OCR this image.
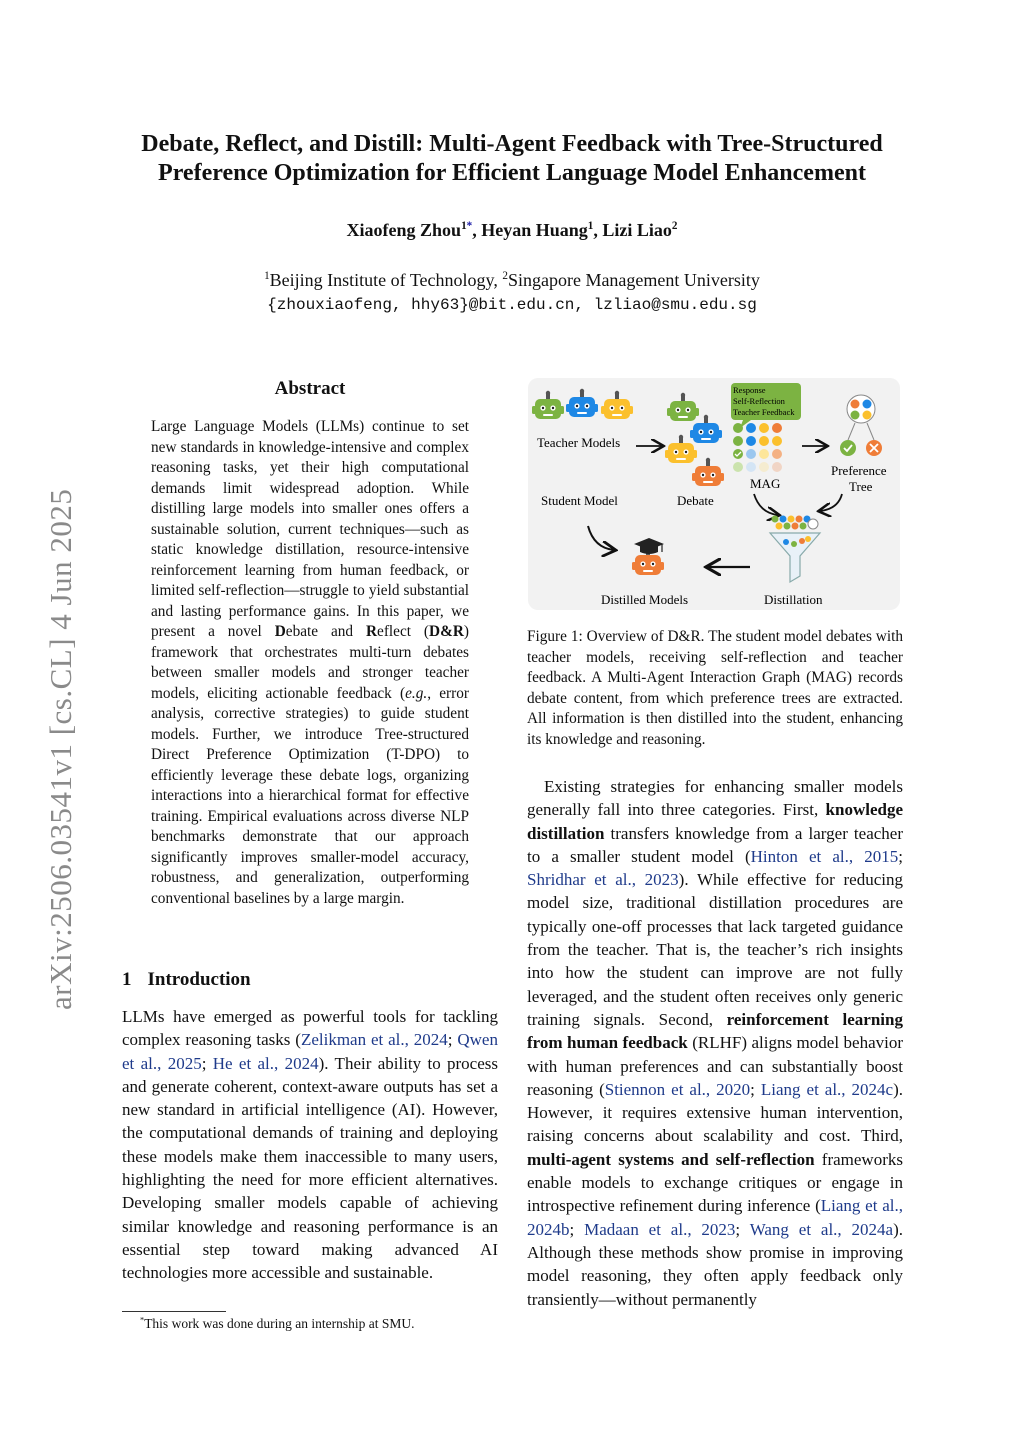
Debate, Reflect, and Distill: Multi-Agent Feedback with Tree-Structured
Preference Optimization for Efficient Language Model Enhancement
Xiaofeng Zhou$^{1*}$, Heyan Huang$^1$, Lizi Liao$^2$
$^1$Beijing Institute of Technology, $^2$Singapore Management University
{zhouxiaofeng, hhy63}@bit.edu.cn, lzliao@smu.edu.sg
arXiv:2506.03541v1 [cs.CL] 4 Jun 2025
Abstract

Large Language Models (LLMs) continue to set new standards in knowledge-intensive and complex reasoning tasks, yet their high computational demands limit widespread adoption. While distilling large models into smaller ones offers a sustainable solution, current techniques—such as static knowledge distillation, resource-intensive reinforcement learning from human feedback, or limited self-reflection—struggle to yield substantial and lasting performance gains. In this paper, we present a novel Debate and Reflect (D&R) framework that orchestrates multi-turn debates between smaller models and stronger teacher models, eliciting actionable feedback (e.g., error analysis, corrective strategies) to guide student models. Further, we introduce Tree-structured Direct Preference Optimization (T-DPO) to efficiently leverage these debate logs, organizing interactions into a hierarchical format for effective training. Empirical evaluations across diverse NLP benchmarks demonstrate that our approach significantly improves smaller-model accuracy, robustness, and generalization, outperforming conventional baselines by a large margin.

1 Introduction

LLMs have emerged as powerful tools for tackling complex reasoning tasks (Zelikman et al., 2024; Qwen et al., 2025; He et al., 2024). Their ability to process and generate coherent, context-aware outputs has set a new standard in artificial intelligence (AI). However, the computational demands of training and deploying these models make them inaccessible to many users, highlighting the need for more efficient alternatives. Developing smaller models capable of achieving similar knowledge and reasoning performance is an essential step toward making advanced AI technologies more accessible and sustainable.

*This work was done during an internship at SMU.
Teacher Models
Student Model	Debate
Response
Self-Reflection
Teacher Feedback
MAG
Preference
Tree
Distillation
Distilled Models

Figure 1: Overview of D&R. The student model debates with teacher models, receiving self-reflection and teacher feedback. A Multi-Agent Interaction Graph (MAG) records debate content, from which preference trees are extracted. All information is then distilled into the student, enhancing its knowledge and reasoning.

Existing strategies for enhancing smaller models generally fall into three categories. First, knowledge distillation transfers knowledge from a larger teacher to a smaller student model (Hinton et al., 2015; Shridhar et al., 2023). While effective for reducing model size, traditional distillation procedures are typically one-off processes that lack targeted guidance from the teacher. That is, the teacher’s rich insights into how the student can improve are not fully leveraged, and the student often receives only generic training signals. Second, reinforcement learning from human feedback (RLHF) aligns model behavior with human preferences and can substantially boost reasoning (Stiennon et al., 2020; Liang et al., 2024c). However, it requires extensive human intervention, raising concerns about scalability and cost. Third, multi-agent systems and self-reflection frameworks enable models to exchange critiques or engage in introspective refinement during inference (Liang et al., 2024b; Madaan et al., 2023; Wang et al., 2024a). Although these methods show promise in improving model reasoning, they often apply feedback only transiently—without permanently
